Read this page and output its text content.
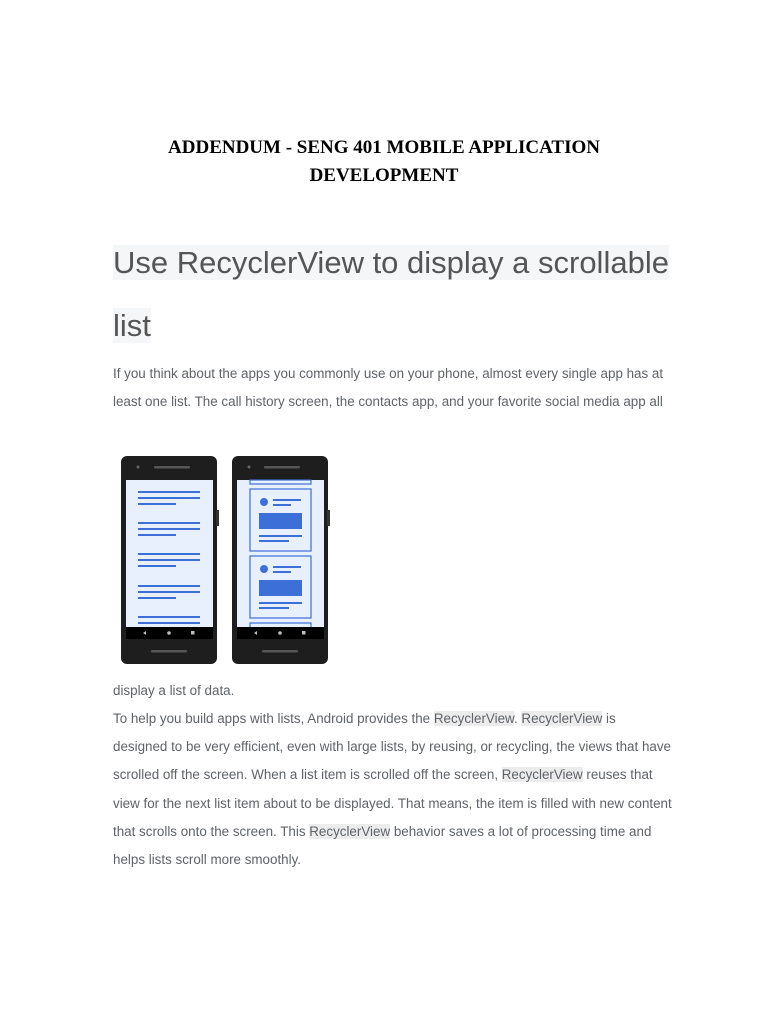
ADDENDUM - SENG 401 MOBILE APPLICATION DEVELOPMENT
Use RecyclerView to display a scrollable list
If you think about the apps you commonly use on your phone, almost every single app has at least one list. The call history screen, the contacts app, and your favorite social media app all
display a list of data.
To help you build apps with lists, Android provides the RecyclerView. RecyclerView is designed to be very efficient, even with large lists, by reusing, or recycling, the views that have scrolled off the screen. When a list item is scrolled off the screen, RecyclerView reuses that view for the next list item about to be displayed. That means, the item is filled with new content that scrolls onto the screen. This RecyclerView behavior saves a lot of processing time and helps lists scroll more smoothly.
